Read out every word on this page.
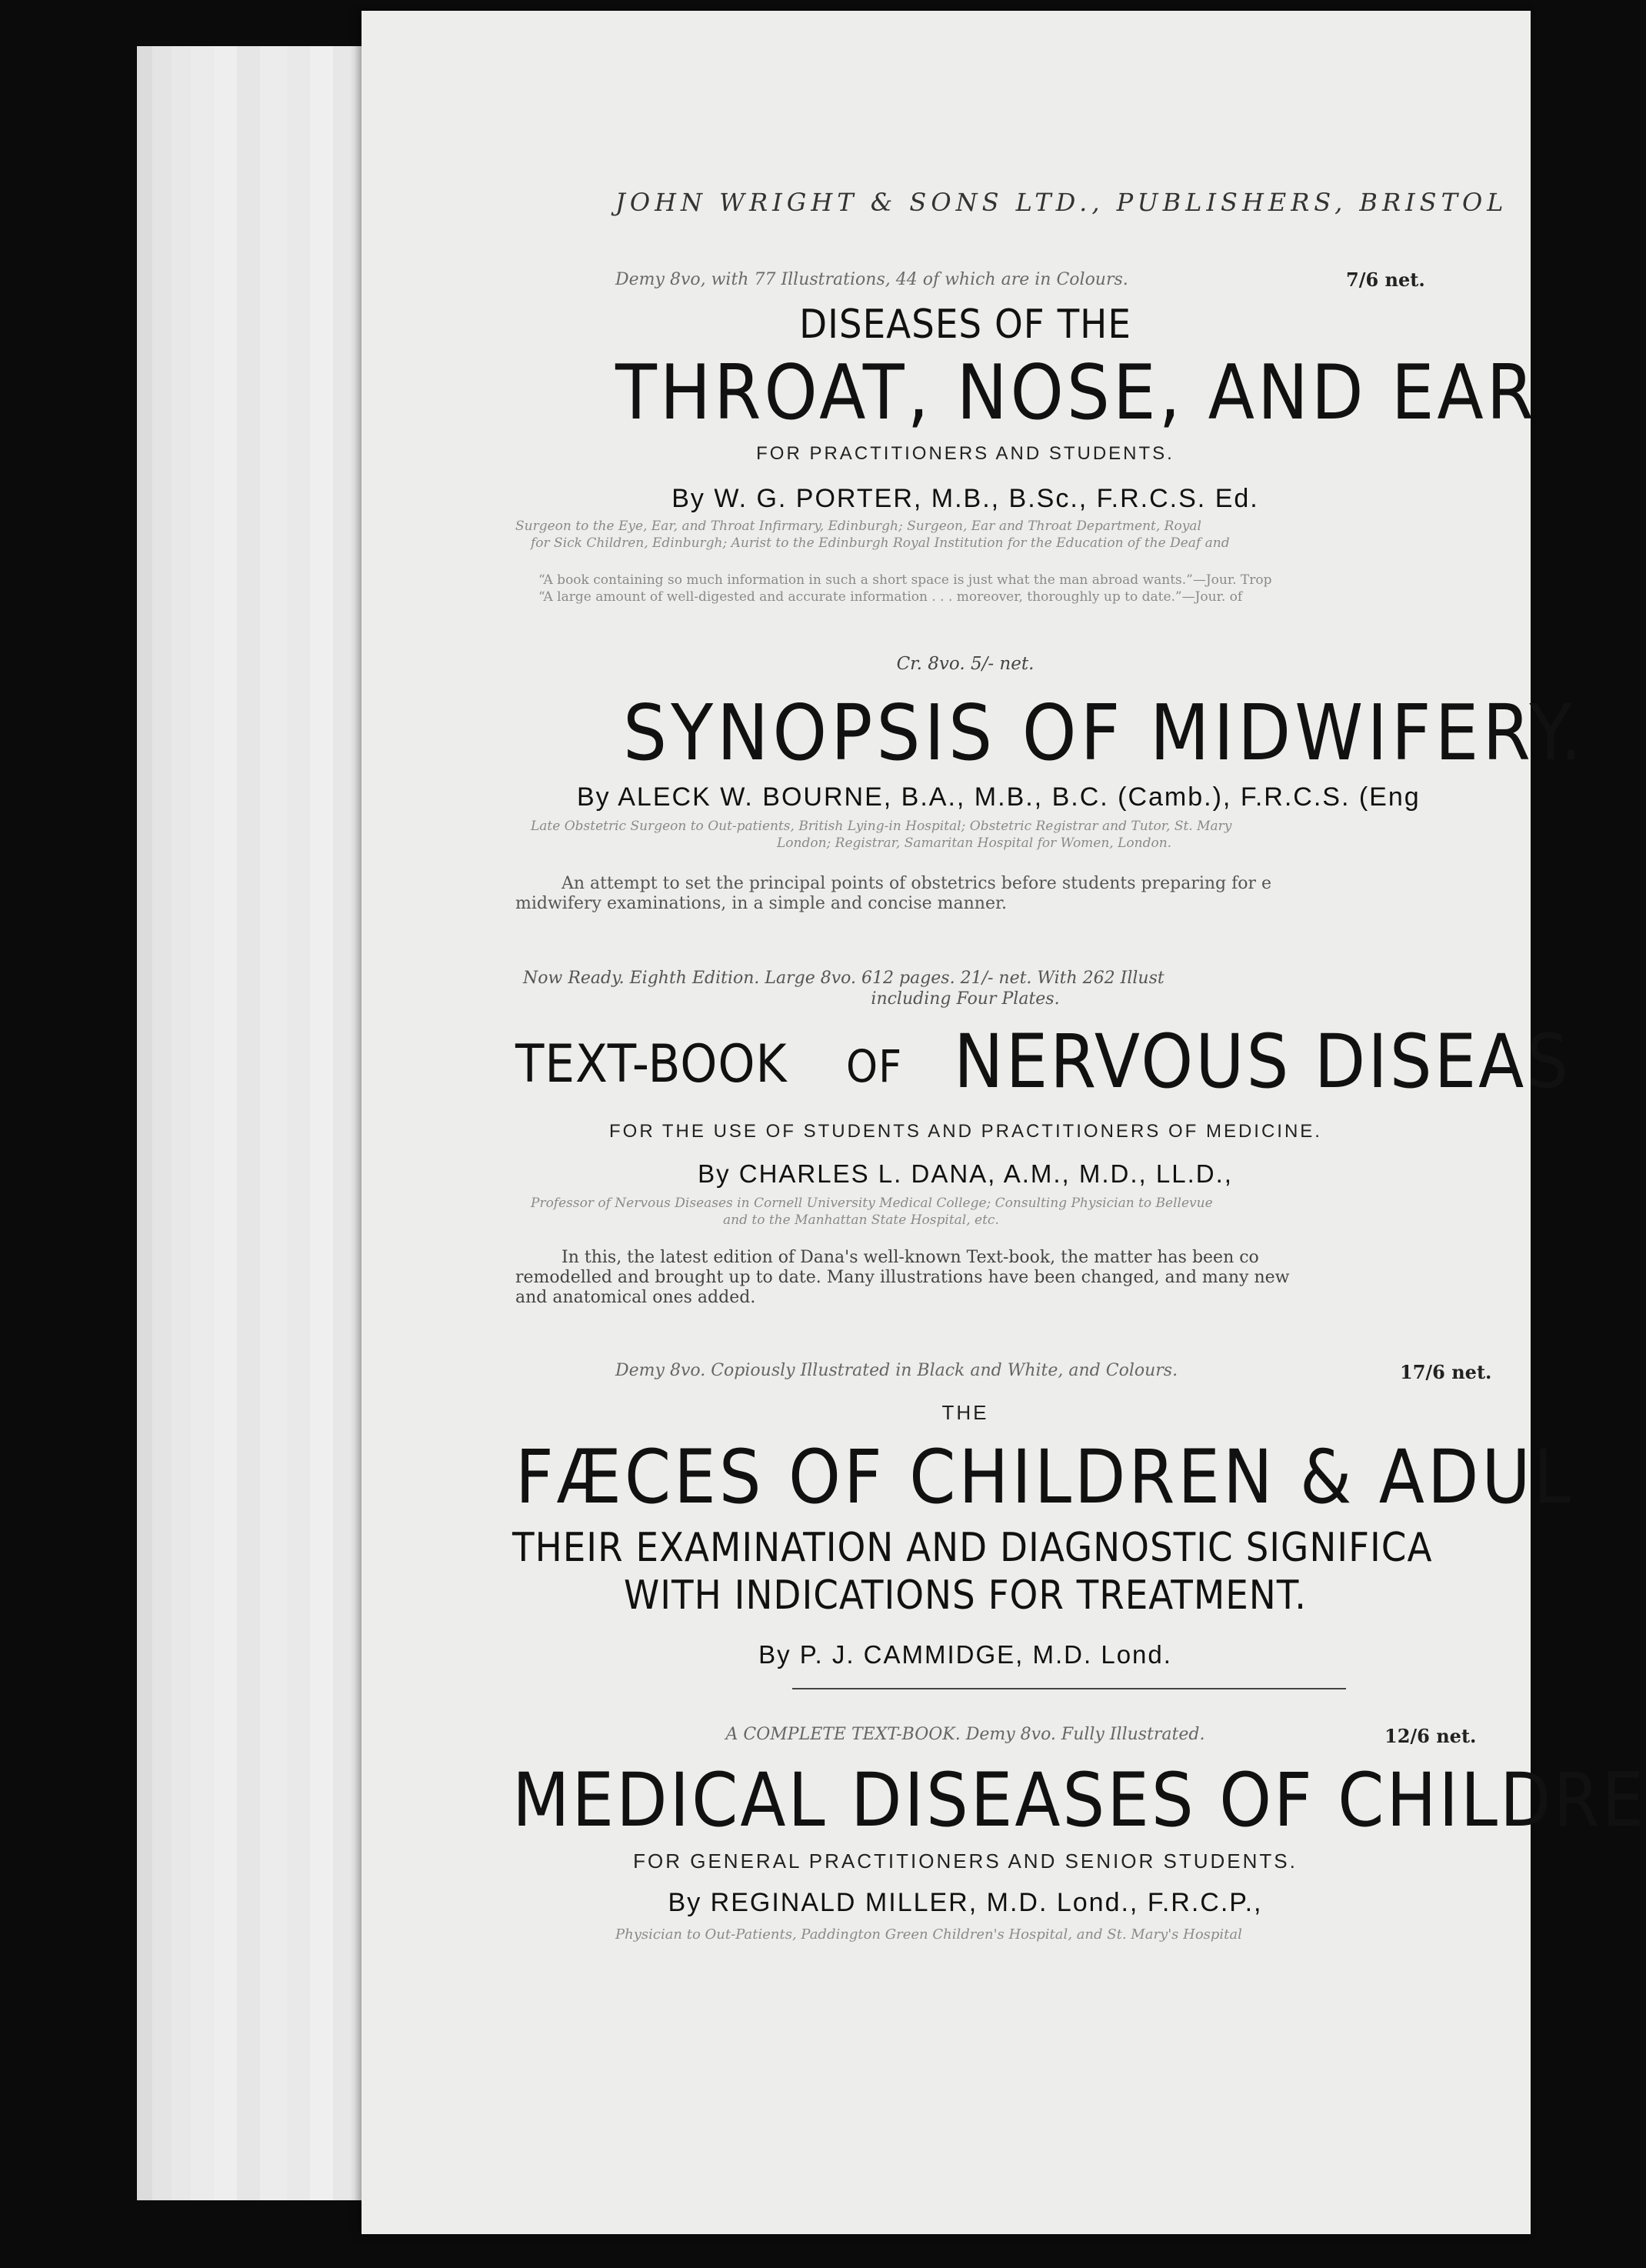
JOHN WRIGHT & SONS LTD., PUBLISHERS, BRISTOL
Demy 8vo, with 77 Illustrations, 44 of which are in Colours.	7/6 net.
DISEASES OF THE
THROAT, NOSE, AND EAR
FOR PRACTITIONERS AND STUDENTS.
By W. G. PORTER, M.B., B.Sc., F.R.C.S. Ed.
Surgeon to the Eye, Ear, and Throat Infirmary, Edinburgh; Surgeon, Ear and Throat Department, Royal
for Sick Children, Edinburgh; Aurist to the Edinburgh Royal Institution for the Education of the Deaf and
“A book containing so much information in such a short space is just what the man abroad wants.”—Jour. Trop
“A large amount of well-digested and accurate information . . . moreover, thoroughly up to date.”—Jour. of
Cr. 8vo. 5/- net.
SYNOPSIS OF MIDWIFERY.
By ALECK W. BOURNE, B.A., M.B., B.C. (Camb.), F.R.C.S. (Eng
Late Obstetric Surgeon to Out-patients, British Lying-in Hospital; Obstetric Registrar and Tutor, St. Mary
London; Registrar, Samaritan Hospital for Women, London.
An attempt to set the principal points of obstetrics before students preparing for e
midwifery examinations, in a simple and concise manner.
Now Ready. Eighth Edition. Large 8vo. 612 pages. 21/- net. With 262 Illust
including Four Plates.
TEXT-BOOK OF NERVOUS DISEAS
FOR THE USE OF STUDENTS AND PRACTITIONERS OF MEDICINE.
By CHARLES L. DANA, A.M., M.D., LL.D.,
Professor of Nervous Diseases in Cornell University Medical College; Consulting Physician to Bellevue
and to the Manhattan State Hospital, etc.
In this, the latest edition of Dana's well-known Text-book, the matter has been co
remodelled and brought up to date. Many illustrations have been changed, and many new
and anatomical ones added.
Demy 8vo. Copiously Illustrated in Black and White, and Colours.	17/6 net.
THE
FÆCES OF CHILDREN & ADUL
THEIR EXAMINATION AND DIAGNOSTIC SIGNIFICA
WITH INDICATIONS FOR TREATMENT.
By P. J. CAMMIDGE, M.D. Lond.
A COMPLETE TEXT-BOOK. Demy 8vo. Fully Illustrated.	12/6 net.
MEDICAL DISEASES OF CHILDRE
FOR GENERAL PRACTITIONERS AND SENIOR STUDENTS.
By REGINALD MILLER, M.D. Lond., F.R.C.P.,
Physician to Out-Patients, Paddington Green Children's Hospital, and St. Mary's Hospital
